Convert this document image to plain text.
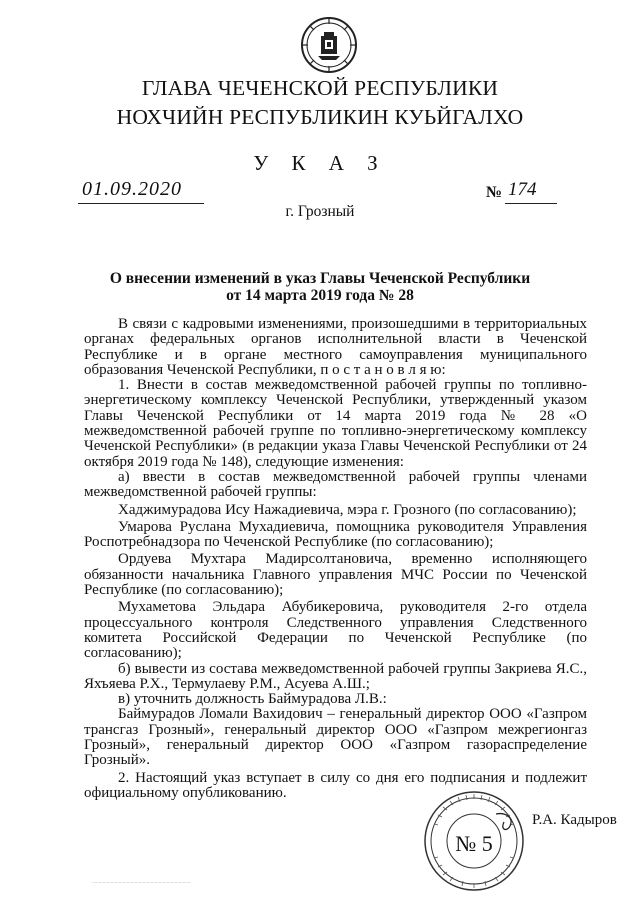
ГЛАВА ЧЕЧЕНСКОЙ РЕСПУБЛИКИ
НОХЧИЙН РЕСПУБЛИКИН КУЬЙГАЛХО
У К А З
01.09.2020	№ 174
г. Грозный
О внесении изменений в указ Главы Чеченской Республики
от 14 марта 2019 года № 28

В связи с кадровыми изменениями, произошедшими в территориальных органах федеральных органов исполнительной власти в Чеченской Республике и в органе местного самоуправления муниципального образования Чеченской Республики, п о с т а н о в л я ю:

1. Внести в состав межведомственной рабочей группы по топливно-энергетическому комплексу Чеченской Республики, утвержденный указом Главы Чеченской Республики от 14 марта 2019 года № 28 «О межведомственной рабочей группе по топливно-энергетическому комплексу Чеченской Республики» (в редакции указа Главы Чеченской Республики от 24 октября 2019 года № 148), следующие изменения:

а) ввести в состав межведомственной рабочей группы членами межведомственной рабочей группы:

Хаджимурадова Ису Нажадиевича, мэра г. Грозного (по согласованию);

Умарова Руслана Мухадиевича, помощника руководителя Управления Роспотребнадзора по Чеченской Республике (по согласованию);

Ордуева Мухтара Мадирсолтановича, временно исполняющего обязанности начальника Главного управления МЧС России по Чеченской Республике (по согласованию);

Мухаметова Эльдара Абубикеровича, руководителя 2-го отдела процессуального контроля Следственного управления Следственного комитета Российской Федерации по Чеченской Республике (по согласованию);

б) вывести из состава межведомственной рабочей группы Закриева Я.С., Яхъяева Р.Х., Термулаеву Р.М., Асуева А.Ш.;

в) уточнить должность Баймурадова Л.В.:

Баймурадов Ломали Вахидович – генеральный директор ООО «Газпром трансгаз Грозный», генеральный директор ООО «Газпром межрегионгаз Грозный», генеральный директор ООО «Газпром газораспределение Грозный».

2. Настоящий указ вступает в силу со дня его подписания и подлежит официальному опубликованию.

№ 5
Р.А. Кадыров
··········································································
